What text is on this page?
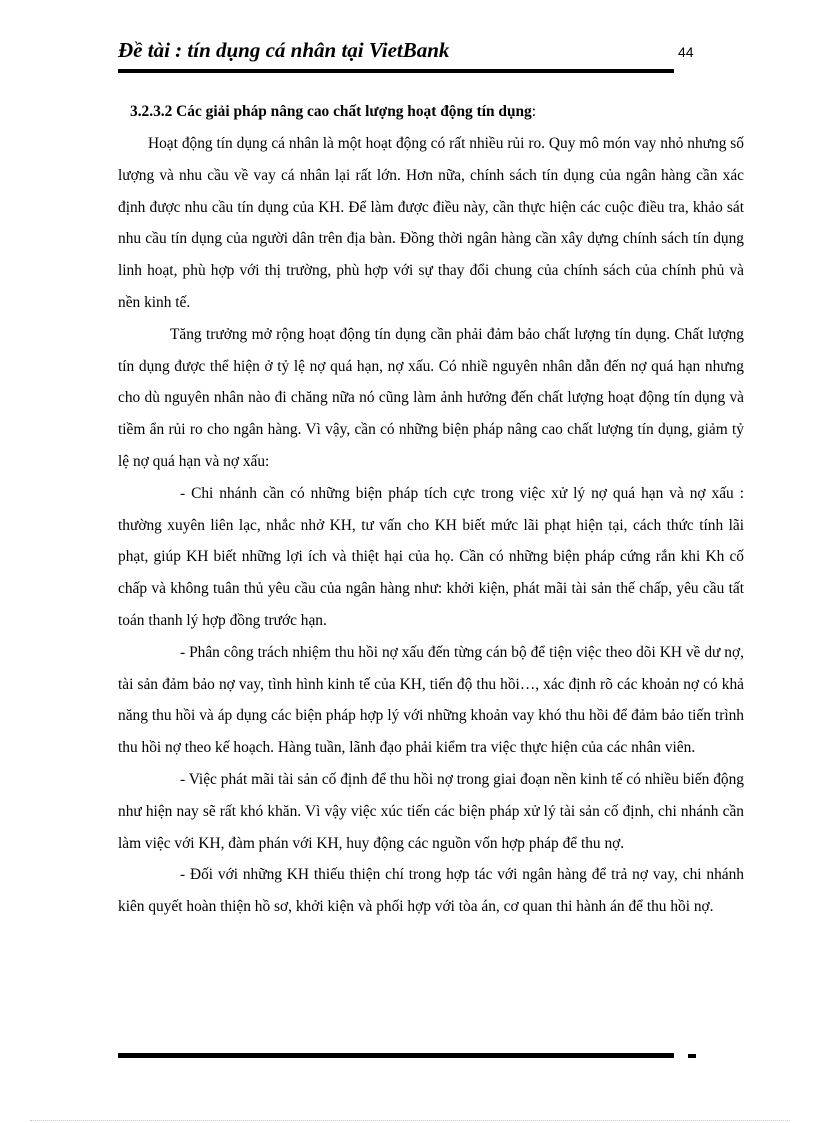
Đề tài : tín dụng cá nhân tại VietBank	44

3.2.3.2 Các giải pháp nâng cao chất lượng hoạt động tín dụng:

Hoạt động tín dụng cá nhân là một hoạt động có rất nhiều rủi ro. Quy mô món vay nhỏ nhưng số lượng và nhu cầu về vay cá nhân lại rất lớn. Hơn nữa, chính sách tín dụng của ngân hàng cần xác định được nhu cầu tín dụng của KH. Để làm được điều này, cần thực hiện các cuộc điều tra, khảo sát nhu cầu tín dụng của người dân trên địa bàn. Đồng thời ngân hàng cần xây dựng chính sách tín dụng linh hoạt, phù hợp với thị trường, phù hợp với sự thay đổi chung của chính sách của chính phủ và nền kinh tế.

Tăng trưởng mở rộng hoạt động tín dụng cần phải đảm bảo chất lượng tín dụng. Chất lượng tín dụng được thể hiện ở tỷ lệ nợ quá hạn, nợ xấu. Có nhiề nguyên nhân dẫn đến nợ quá hạn nhưng cho dù nguyên nhân nào đi chăng nữa nó cũng làm ảnh hưởng đến chất lượng hoạt động tín dụng và tiềm ẩn rủi ro cho ngân hàng. Vì vậy, cần có những biện pháp nâng cao chất lượng tín dụng, giảm tỷ lệ nợ quá hạn và nợ xấu:

- Chi nhánh cần có những biện pháp tích cực trong việc xử lý nợ quá hạn và nợ xấu : thường xuyên liên lạc, nhắc nhở KH, tư vấn cho KH biết mức lãi phạt hiện tại, cách thức tính lãi phạt, giúp KH biết những lợi ích và thiệt hại của họ. Cần có những biện pháp cứng rắn khi Kh cố chấp và không tuân thủ yêu cầu của ngân hàng như: khởi kiện, phát mãi tài sản thế chấp, yêu cầu tất toán thanh lý hợp đồng trước hạn.

- Phân công trách nhiệm thu hồi nợ xấu đến từng cán bộ để tiện việc theo dõi KH về dư nợ, tài sản đảm bảo nợ vay, tình hình kinh tế của KH, tiến độ thu hồi…, xác định rõ các khoản nợ có khả năng thu hồi và áp dụng các biện pháp hợp lý với những khoản vay khó thu hồi để đảm bảo tiến trình thu hồi nợ theo kế hoạch. Hàng tuần, lãnh đạo phải kiểm tra việc thực hiện của các nhân viên.

- Việc phát mãi tài sản cố định để thu hồi nợ trong giai đoạn nền kinh tế có nhiều biến động như hiện nay sẽ rất khó khăn. Vì vậy việc xúc tiến các biện pháp xử lý tài sản cố định, chi nhánh cần làm việc với KH, đàm phán với KH, huy động các nguồn vốn hợp pháp để thu nợ.

- Đối với những KH thiếu thiện chí trong hợp tác với ngân hàng để trả nợ vay, chi nhánh kiên quyết hoàn thiện hồ sơ, khởi kiện và phối hợp với tòa án, cơ quan thi hành án để thu hồi nợ.
